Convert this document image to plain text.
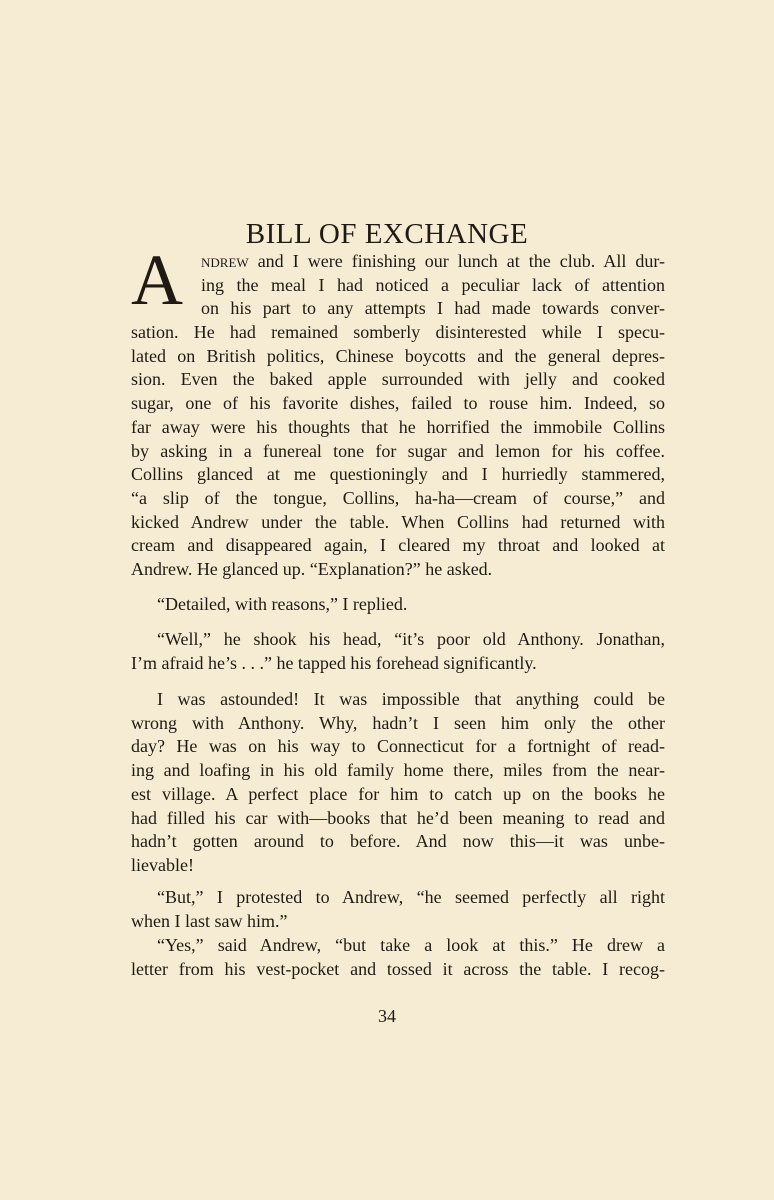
BILL OF EXCHANGE
A ndrew and I were finishing our lunch at the club. All dur-
ing the meal I had noticed a peculiar lack of attention
on his part to any attempts I had made towards conver-

sation. He had remained somberly disinterested while I specu-
lated on British politics, Chinese boycotts and the general depres-
sion. Even the baked apple surrounded with jelly and cooked
sugar, one of his favorite dishes, failed to rouse him. Indeed, so
far away were his thoughts that he horrified the immobile Collins
by asking in a funereal tone for sugar and lemon for his coffee.
Collins glanced at me questioningly and I hurriedly stammered,
“a slip of the tongue, Collins, ha-ha—cream of course,” and
kicked Andrew under the table. When Collins had returned with
cream and disappeared again, I cleared my throat and looked at
Andrew. He glanced up. “Explanation?” he asked.

“Detailed, with reasons,” I replied.

“Well,” he shook his head, “it’s poor old Anthony. Jonathan,
I’m afraid he’s . . .” he tapped his forehead significantly.

I was astounded! It was impossible that anything could be
wrong with Anthony. Why, hadn’t I seen him only the other
day? He was on his way to Connecticut for a fortnight of read-
ing and loafing in his old family home there, miles from the near-
est village. A perfect place for him to catch up on the books he
had filled his car with—books that he’d been meaning to read and
hadn’t gotten around to before. And now this—it was unbe-
lievable!

“But,” I protested to Andrew, “he seemed perfectly all right
when I last saw him.”

“Yes,” said Andrew, “but take a look at this.” He drew a
letter from his vest-pocket and tossed it across the table. I recog-

34
